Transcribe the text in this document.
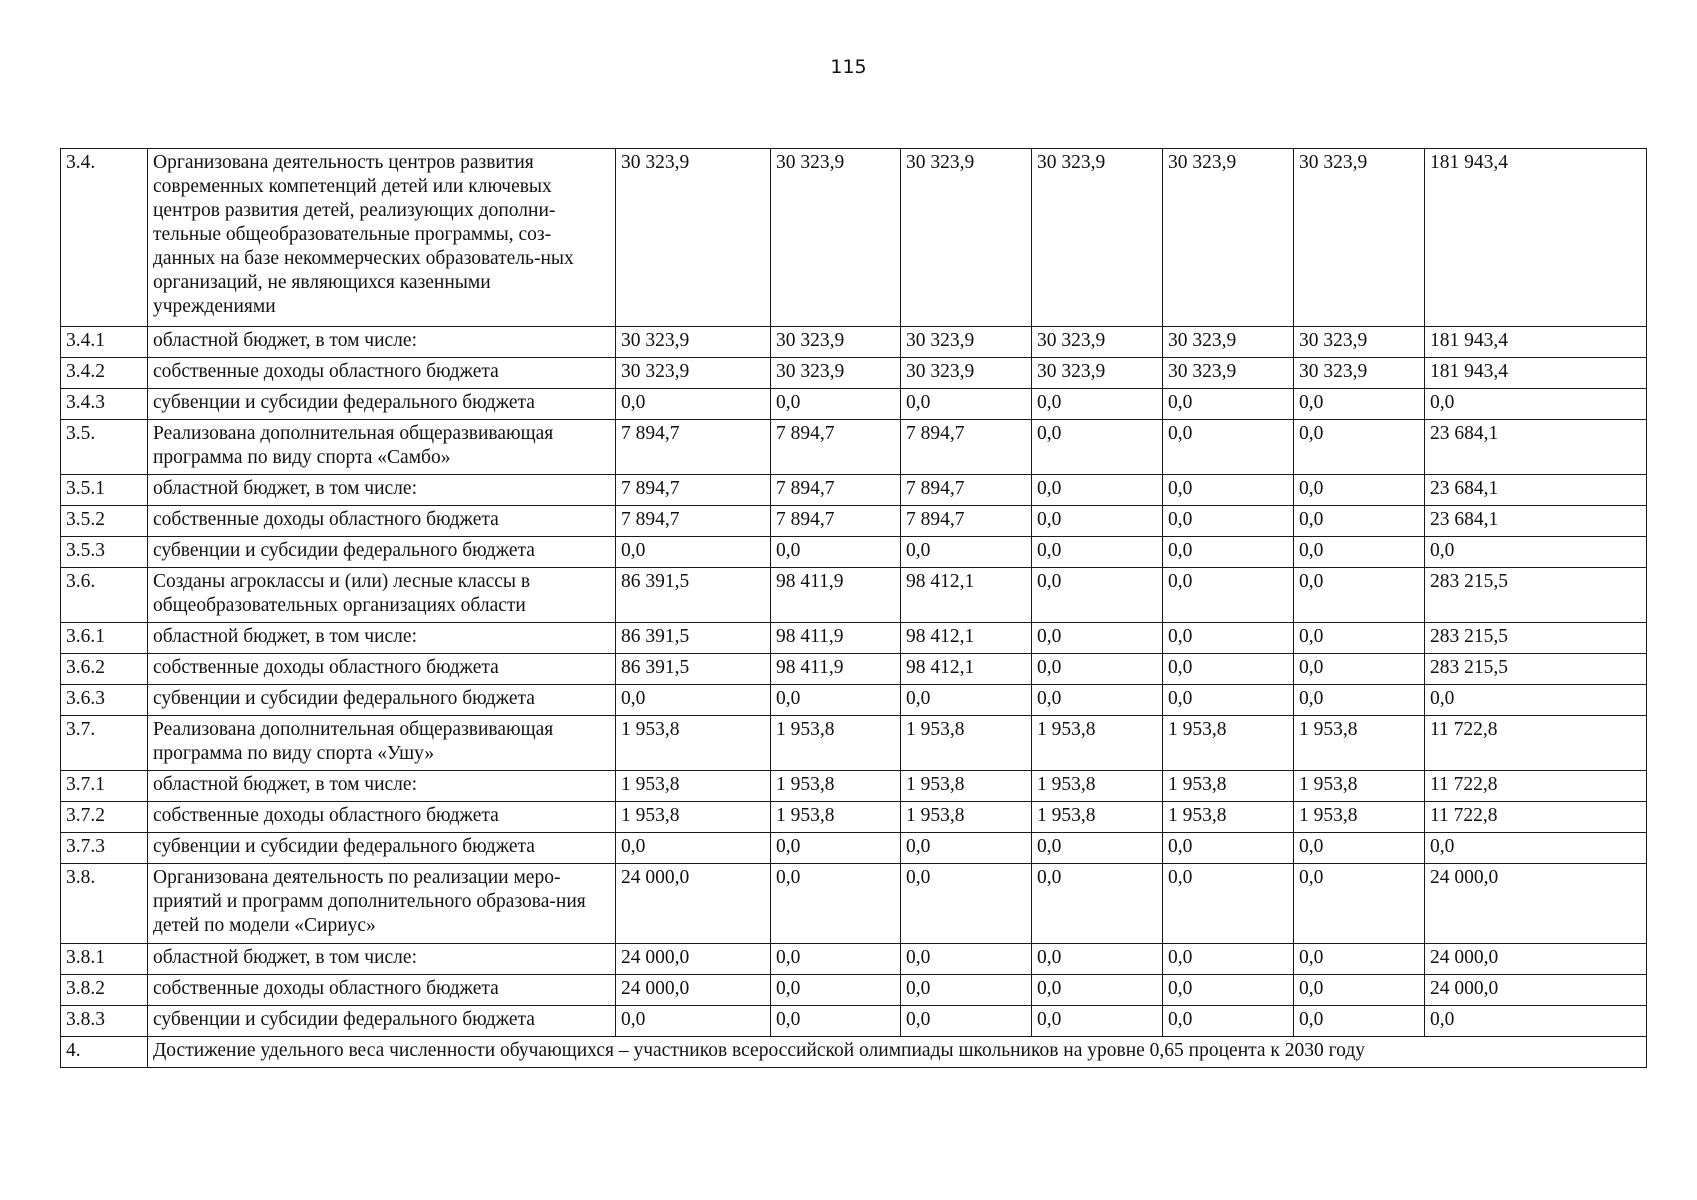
115
3.4.	Организована деятельность центров развития современных компетенций детей или ключевых центров развития детей, реализующих дополни-тельные общеобразовательные программы, соз-данных на базе некоммерческих образователь-ных организаций, не являющихся казенными учреждениями	30 323,9	30 323,9	30 323,9	30 323,9	30 323,9	30 323,9	181 943,4
3.4.1	областной бюджет, в том числе:	30 323,9	30 323,9	30 323,9	30 323,9	30 323,9	30 323,9	181 943,4
3.4.2	собственные доходы областного бюджета	30 323,9	30 323,9	30 323,9	30 323,9	30 323,9	30 323,9	181 943,4
3.4.3	субвенции и субсидии федерального бюджета	0,0	0,0	0,0	0,0	0,0	0,0	0,0
3.5.	Реализована дополнительная общеразвивающая программа по виду спорта «Самбо»	7 894,7	7 894,7	7 894,7	0,0	0,0	0,0	23 684,1
3.5.1	областной бюджет, в том числе:	7 894,7	7 894,7	7 894,7	0,0	0,0	0,0	23 684,1
3.5.2	собственные доходы областного бюджета	7 894,7	7 894,7	7 894,7	0,0	0,0	0,0	23 684,1
3.5.3	субвенции и субсидии федерального бюджета	0,0	0,0	0,0	0,0	0,0	0,0	0,0
3.6.	Созданы агроклассы и (или) лесные классы в общеобразовательных организациях области	86 391,5	98 411,9	98 412,1	0,0	0,0	0,0	283 215,5
3.6.1	областной бюджет, в том числе:	86 391,5	98 411,9	98 412,1	0,0	0,0	0,0	283 215,5
3.6.2	собственные доходы областного бюджета	86 391,5	98 411,9	98 412,1	0,0	0,0	0,0	283 215,5
3.6.3	субвенции и субсидии федерального бюджета	0,0	0,0	0,0	0,0	0,0	0,0	0,0
3.7.	Реализована дополнительная общеразвивающая программа по виду спорта «Ушу»	1 953,8	1 953,8	1 953,8	1 953,8	1 953,8	1 953,8	11 722,8
3.7.1	областной бюджет, в том числе:	1 953,8	1 953,8	1 953,8	1 953,8	1 953,8	1 953,8	11 722,8
3.7.2	собственные доходы областного бюджета	1 953,8	1 953,8	1 953,8	1 953,8	1 953,8	1 953,8	11 722,8
3.7.3	субвенции и субсидии федерального бюджета	0,0	0,0	0,0	0,0	0,0	0,0	0,0
3.8.	Организована деятельность по реализации меро-приятий и программ дополнительного образова-ния детей по модели «Сириус»	24 000,0	0,0	0,0	0,0	0,0	0,0	24 000,0
3.8.1	областной бюджет, в том числе:	24 000,0	0,0	0,0	0,0	0,0	0,0	24 000,0
3.8.2	собственные доходы областного бюджета	24 000,0	0,0	0,0	0,0	0,0	0,0	24 000,0
3.8.3	субвенции и субсидии федерального бюджета	0,0	0,0	0,0	0,0	0,0	0,0	0,0
4.	Достижение удельного веса численности обучающихся – участников всероссийской олимпиады школьников на уровне 0,65 процента к 2030 году							
